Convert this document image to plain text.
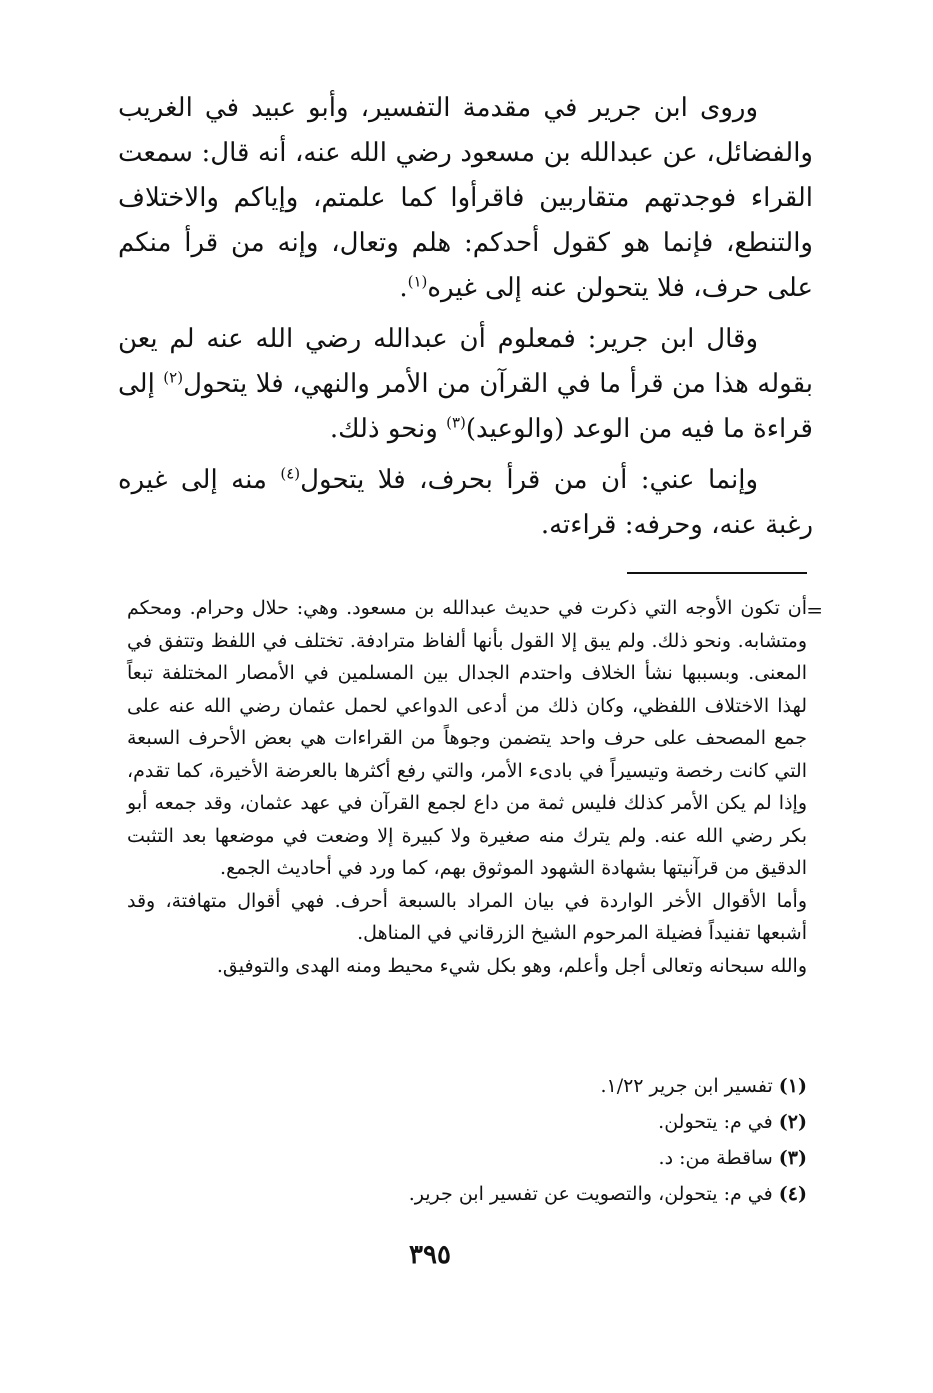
وروى ابن جرير في مقدمة التفسير، وأبو عبيد في الغريب والفضائل، عن عبدالله بن مسعود رضي الله عنه، أنه قال: سمعت القراء فوجدتهم متقاربين فاقرأوا كما علمتم، وإياكم والاختلاف والتنطع، فإنما هو كقول أحدكم: هلم وتعال، وإنه من قرأ منكم على حرف، فلا يتحولن عنه إلى غيره$^{(١)}$.

وقال ابن جرير: فمعلوم أن عبدالله رضي الله عنه لم يعن بقوله هذا من قرأ ما في القرآن من الأمر والنهي، فلا يتحول$^{(٢)}$ إلى قراءة ما فيه من الوعد (والوعيد)$^{(٣)}$ ونحو ذلك.

وإنما عني: أن من قرأ بحرف، فلا يتحول$^{(٤)}$ منه إلى غيره رغبة عنه، وحرفه: قراءته.

=

أن تكون الأوجه التي ذكرت في حديث عبدالله بن مسعود. وهي: حلال وحرام. ومحكم ومتشابه. ونحو ذلك. ولم يبق إلا القول بأنها ألفاظ مترادفة. تختلف في اللفظ وتتفق في المعنى. وبسببها نشأ الخلاف واحتدم الجدال بين المسلمين في الأمصار المختلفة تبعاً لهذا الاختلاف اللفظي، وكان ذلك من أدعى الدواعي لحمل عثمان رضي الله عنه على جمع المصحف على حرف واحد يتضمن وجوهاً من القراءات هي بعض الأحرف السبعة التي كانت رخصة وتيسيراً في بادىء الأمر، والتي رفع أكثرها بالعرضة الأخيرة، كما تقدم، وإذا لم يكن الأمر كذلك فليس ثمة من داع لجمع القرآن في عهد عثمان، وقد جمعه أبو بكر رضي الله عنه. ولم يترك منه صغيرة ولا كبيرة إلا وضعت في موضعها بعد التثبت الدقيق من قرآنيتها بشهادة الشهود الموثوق بهم، كما ورد في أحاديث الجمع.

وأما الأقوال الأخر الواردة في بيان المراد بالسبعة أحرف. فهي أقوال متهافتة، وقد أشبعها تفنيداً فضيلة المرحوم الشيخ الزرقاني في المناهل.

والله سبحانه وتعالى أجل وأعلم، وهو بكل شيء محيط ومنه الهدى والتوفيق.

(١) تفسير ابن جرير ١/٢٢.

(٢) في م: يتحولن.

(٣) ساقطة من: د.

(٤) في م: يتحولن، والتصويت عن تفسير ابن جرير.

٣٩٥
